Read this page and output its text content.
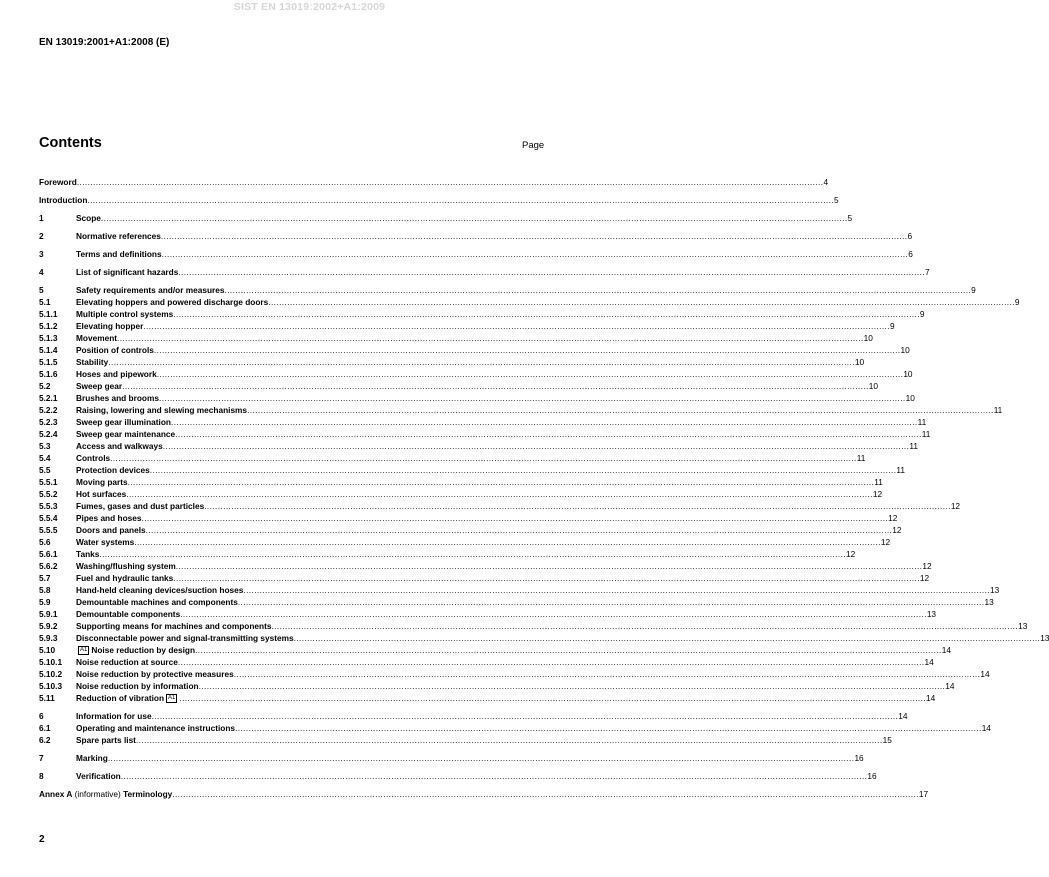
SIST EN 13019:2002+A1:2009
EN 13019:2001+A1:2008 (E)
Contents	Page
Foreword .....	4
Introduction .....	5
1	Scope .....	5
2	Normative references .....	6
3	Terms and definitions .....	6
4	List of significant hazards .....	7
5	Safety requirements and/or measures .....	9
5.1	Elevating hoppers and powered discharge doors .....	9
5.1.1	Multiple control systems .....	9
5.1.2	Elevating hopper .....	9
5.1.3	Movement .....	10
5.1.4	Position of controls .....	10
5.1.5	Stability .....	10
5.1.6	Hoses and pipework .....	10
5.2	Sweep gear .....	10
5.2.1	Brushes and brooms .....	10
5.2.2	Raising, lowering and slewing mechanisms .....	11
5.2.3	Sweep gear illumination .....	11
5.2.4	Sweep gear maintenance .....	11
5.3	Access and walkways .....	11
5.4	Controls .....	11
5.5	Protection devices .....	11
5.5.1	Moving parts .....	11
5.5.2	Hot surfaces .....	12
5.5.3	Fumes, gases and dust particles .....	12
5.5.4	Pipes and hoses .....	12
5.5.5	Doors and panels .....	12
5.6	Water systems .....	12
5.6.1	Tanks .....	12
5.6.2	Washing/flushing system .....	12
5.7	Fuel and hydraulic tanks .....	12
5.8	Hand-held cleaning devices/suction hoses .....	13
5.9	Demountable machines and components .....	13
5.9.1	Demountable components .....	13
5.9.2	Supporting means for machines and components .....	13
5.9.3	Disconnectable power and signal-transmitting systems .....	13
5.10	A1 Noise reduction by design .....	14
5.10.1	Noise reduction at source .....	14
5.10.2	Noise reduction by protective measures .....	14
5.10.3	Noise reduction by information .....	14
5.11	Reduction of vibration A1 .....	14
6	Information for use .....	14
6.1	Operating and maintenance instructions .....	14
6.2	Spare parts list .....	15
7	Marking .....	16
8	Verification .....	16
Annex A (informative) Terminology .....	17
2
